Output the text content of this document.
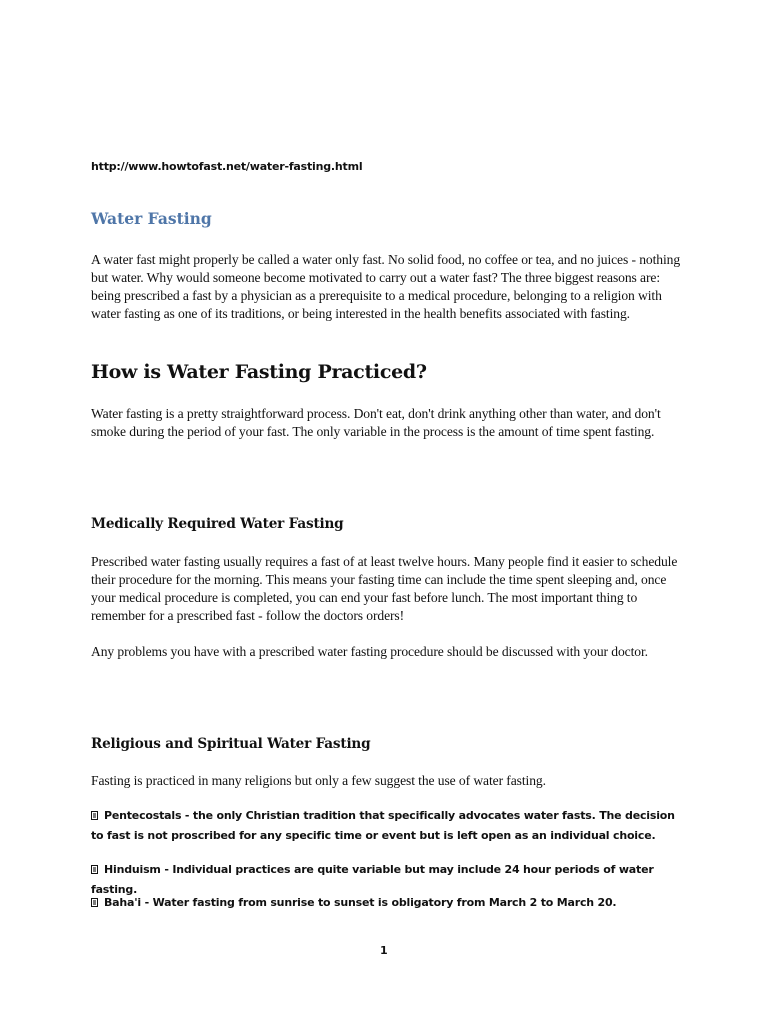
http://www.howtofast.net/water-fasting.html
Water Fasting
A water fast might properly be called a water only fast. No solid food, no coffee or tea, and no juices - nothing but water. Why would someone become motivated to carry out a water fast? The three biggest reasons are: being prescribed a fast by a physician as a prerequisite to a medical procedure, belonging to a religion with water fasting as one of its traditions, or being interested in the health benefits associated with fasting.
How is Water Fasting Practiced?
Water fasting is a pretty straightforward process. Don't eat, don't drink anything other than water, and don't smoke during the period of your fast. The only variable in the process is the amount of time spent fasting.
Medically Required Water Fasting
Prescribed water fasting usually requires a fast of at least twelve hours. Many people find it easier to schedule their procedure for the morning. This means your fasting time can include the time spent sleeping and, once your medical procedure is completed, you can end your fast before lunch. The most important thing to remember for a prescribed fast - follow the doctors orders!
Any problems you have with a prescribed water fasting procedure should be discussed with your doctor.
Religious and Spiritual Water Fasting
Fasting is practiced in many religions but only a few suggest the use of water fasting.
Pentecostals - the only Christian tradition that specifically advocates water fasts. The decision to fast is not proscribed for any specific time or event but is left open as an individual choice.
Hinduism - Individual practices are quite variable but may include 24 hour periods of water fasting.
Baha'i - Water fasting from sunrise to sunset is obligatory from March 2 to March 20.
1
